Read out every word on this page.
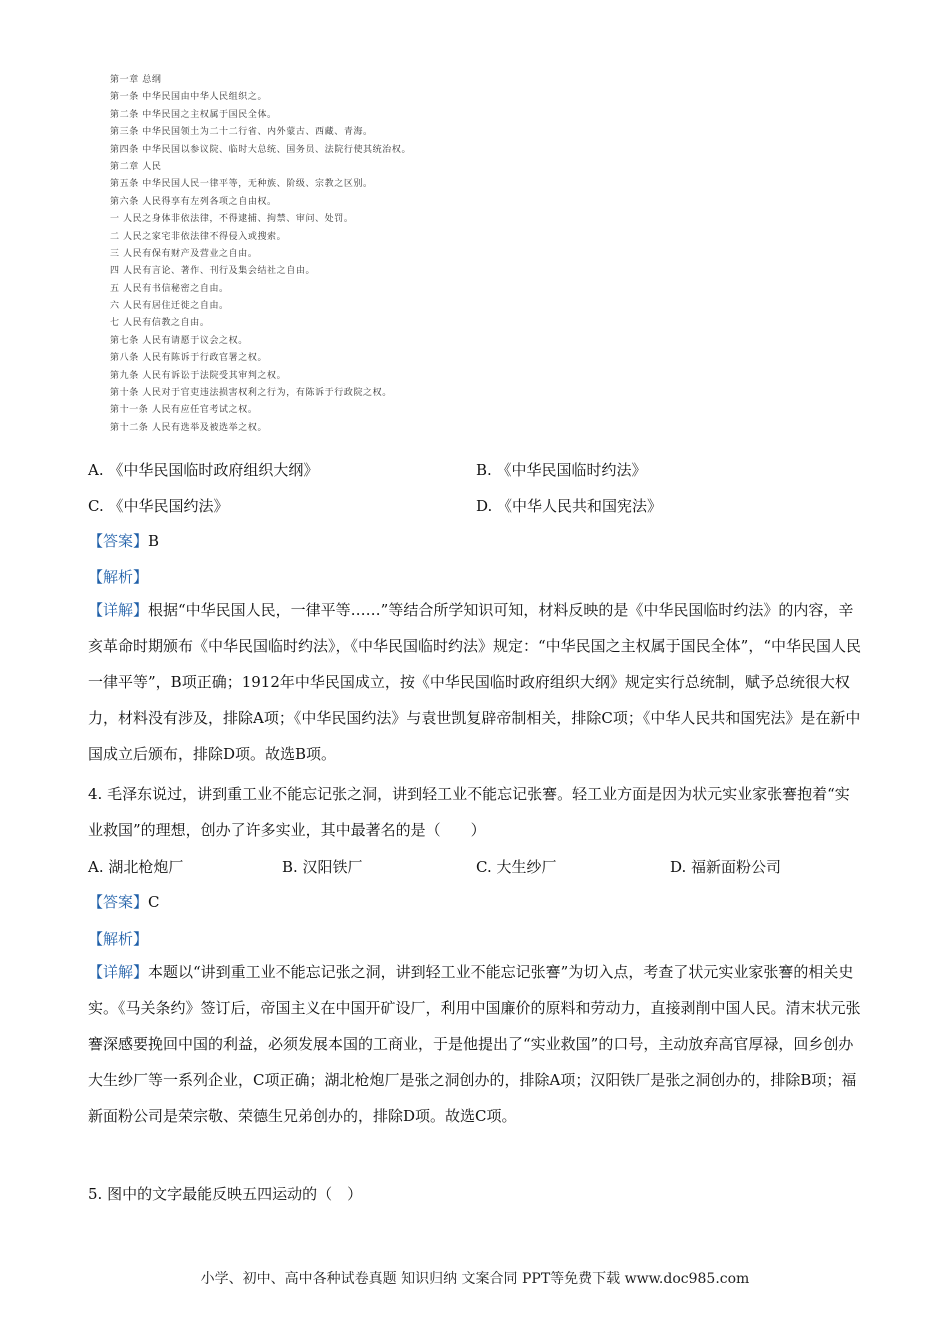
第一章 总纲
第一条 中华民国由中华人民组织之。
第二条 中华民国之主权属于国民全体。
第三条 中华民国领土为二十二行省、内外蒙古、西藏、青海。
第四条 中华民国以参议院、临时大总统、国务员、法院行使其统治权。
第二章 人民
第五条 中华民国人民一律平等，无种族、阶级、宗教之区别。
第六条 人民得享有左列各项之自由权。
一 人民之身体非依法律，不得逮捕、拘禁、审问、处罚。
二 人民之家宅非依法律不得侵入或搜索。
三 人民有保有财产及营业之自由。
四 人民有言论、著作、刊行及集会结社之自由。
五 人民有书信秘密之自由。
六 人民有居住迁徙之自由。
七 人民有信教之自由。
第七条 人民有请愿于议会之权。
第八条 人民有陈诉于行政官署之权。
第九条 人民有诉讼于法院受其审判之权。
第十条 人民对于官吏违法损害权利之行为，有陈诉于行政院之权。
第十一条 人民有应任官考试之权。
第十二条 人民有选举及被选举之权。
A. 《中华民国临时政府组织大纲》	B. 《中华民国临时约法》
C. 《中华民国约法》	D. 《中华人民共和国宪法》
【答案】B
【解析】
【详解】根据“中华民国人民，一律平等……”等结合所学知识可知，材料反映的是《中华民国临时约法》的内容，辛亥革命时期颁布《中华民国临时约法》，《中华民国临时约法》规定：“中华民国之主权属于国民全体”，“中华民国人民一律平等”，B项正确；1912年中华民国成立，按《中华民国临时政府组织大纲》规定实行总统制，赋予总统很大权力，材料没有涉及，排除A项；《中华民国约法》与袁世凯复辟帝制相关，排除C项；《中华人民共和国宪法》是在新中国成立后颁布，排除D项。故选B项。
4. 毛泽东说过，讲到重工业不能忘记张之洞，讲到轻工业不能忘记张謇。轻工业方面是因为状元实业家张謇抱着“实业救国”的理想，创办了许多实业，其中最著名的是（　　）
A. 湖北枪炮厂	B. 汉阳铁厂	C. 大生纱厂	D. 福新面粉公司
【答案】C
【解析】
【详解】本题以“讲到重工业不能忘记张之洞，讲到轻工业不能忘记张謇”为切入点，考查了状元实业家张謇的相关史实。《马关条约》签订后，帝国主义在中国开矿设厂，利用中国廉价的原料和劳动力，直接剥削中国人民。清末状元张謇深感要挽回中国的利益，必须发展本国的工商业，于是他提出了“实业救国”的口号，主动放弃高官厚禄，回乡创办大生纱厂等一系列企业，C项正确；湖北枪炮厂是张之洞创办的，排除A项；汉阳铁厂是张之洞创办的，排除B项；福新面粉公司是荣宗敬、荣德生兄弟创办的，排除D项。故选C项。
5. 图中的文字最能反映五四运动的（　）
小学、初中、高中各种试卷真题 知识归纳 文案合同 PPT等免费下载 www.doc985.com
